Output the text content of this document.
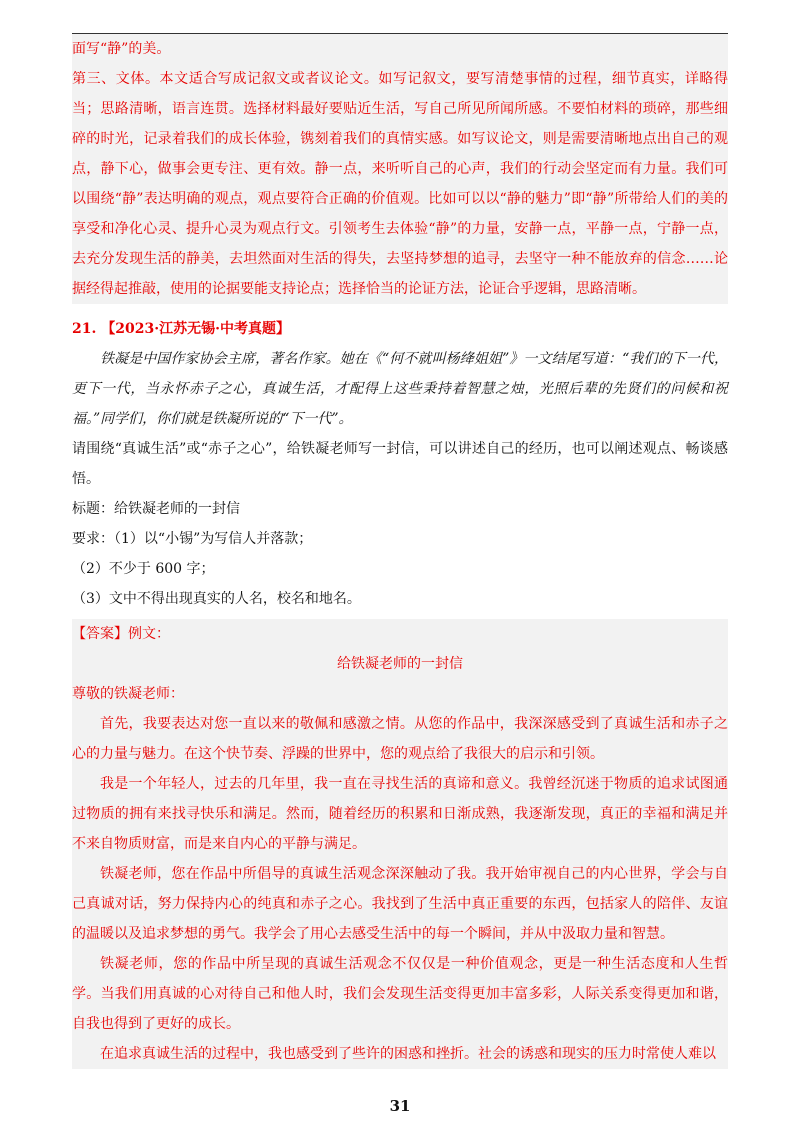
面写“静”的美。

第三、文体。本文适合写成记叙文或者议论文。如写记叙文，要写清楚事情的过程，细节真实，详略得当；思路清晰，语言连贯。选择材料最好要贴近生活，写自己所见所闻所感。不要怕材料的琐碎，那些细碎的时光，记录着我们的成长体验，镌刻着我们的真情实感。如写议论文，则是需要清晰地点出自己的观点，静下心，做事会更专注、更有效。静一点，来听听自己的心声，我们的行动会坚定而有力量。我们可以围绕“静”表达明确的观点，观点要符合正确的价值观。比如可以以“静的魅力”即“静”所带给人们的美的享受和净化心灵、提升心灵为观点行文。引领考生去体验“静”的力量，安静一点，平静一点，宁静一点，去充分发现生活的静美，去坦然面对生活的得失，去坚持梦想的追寻，去坚守一种不能放弃的信念……论据经得起推敲，使用的论据要能支持论点；选择恰当的论证方法，论证合乎逻辑，思路清晰。

21. 【2023·江苏无锡·中考真题】

铁凝是中国作家协会主席，著名作家。她在《“何不就叫杨绛姐姐”》一文结尾写道：“我们的下一代，更下一代，当永怀赤子之心，真诚生活，才配得上这些秉持着智慧之烛，光照后辈的先贤们的问候和祝福。”同学们，你们就是铁凝所说的“下一代”。

请围绕“真诚生活”或“赤子之心”，给铁凝老师写一封信，可以讲述自己的经历，也可以阐述观点、畅谈感悟。

标题：给铁凝老师的一封信

要求：（1）以“小锡”为写信人并落款；

（2）不少于 600 字；

（3）文中不得出现真实的人名，校名和地名。

【答案】例文：

给铁凝老师的一封信

尊敬的铁凝老师：

首先，我要表达对您一直以来的敬佩和感激之情。从您的作品中，我深深感受到了真诚生活和赤子之心的力量与魅力。在这个快节奏、浮躁的世界中，您的观点给了我很大的启示和引领。

我是一个年轻人，过去的几年里，我一直在寻找生活的真谛和意义。我曾经沉迷于物质的追求试图通过物质的拥有来找寻快乐和满足。然而，随着经历的积累和日渐成熟，我逐渐发现，真正的幸福和满足并不来自物质财富，而是来自内心的平静与满足。

铁凝老师，您在作品中所倡导的真诚生活观念深深触动了我。我开始审视自己的内心世界，学会与自己真诚对话，努力保持内心的纯真和赤子之心。我找到了生活中真正重要的东西，包括家人的陪伴、友谊的温暖以及追求梦想的勇气。我学会了用心去感受生活中的每一个瞬间，并从中汲取力量和智慧。

铁凝老师，您的作品中所呈现的真诚生活观念不仅仅是一种价值观念，更是一种生活态度和人生哲学。当我们用真诚的心对待自己和他人时，我们会发现生活变得更加丰富多彩，人际关系变得更加和谐，自我也得到了更好的成长。

在追求真诚生活的过程中，我也感受到了些许的困惑和挫折。社会的诱惑和现实的压力时常使人难以

31
